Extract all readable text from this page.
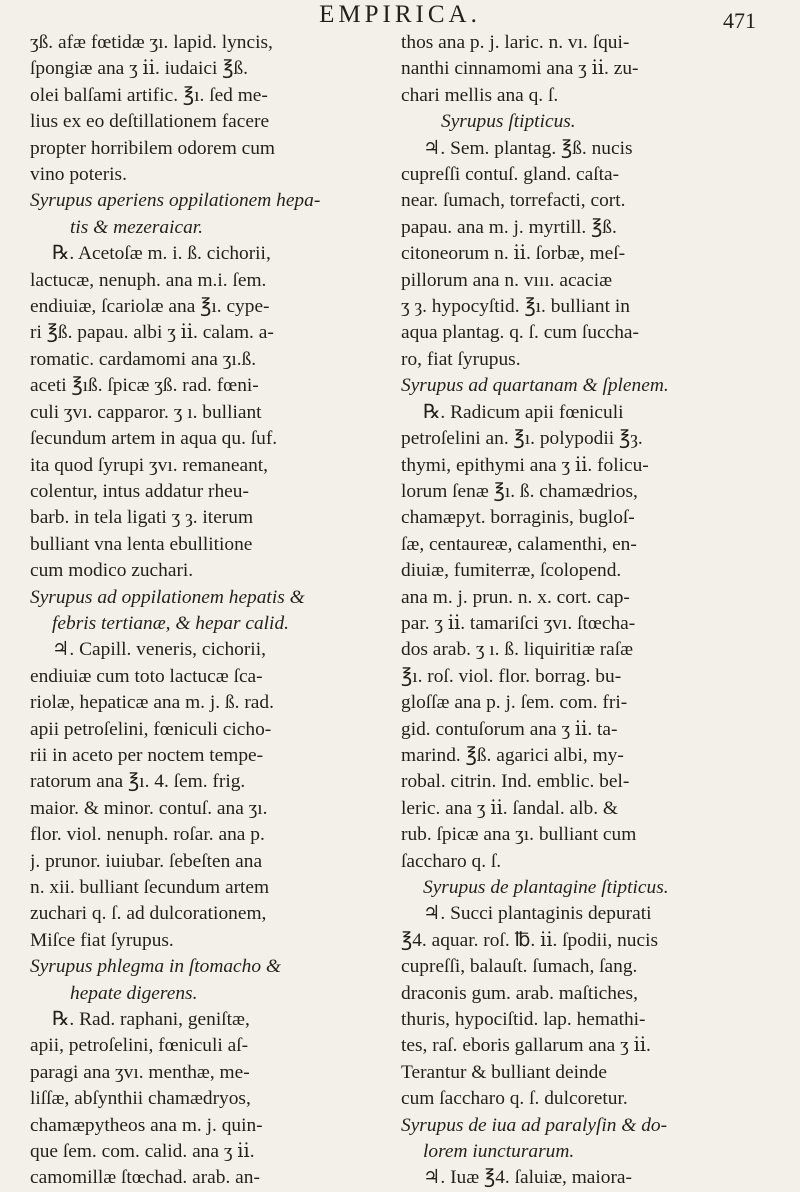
EMPIRICA.	471

ʒß. afæ fœtidæ ʒı. lapid. lyncis,

ſpongiæ ana ʒ ⅱ. iudaici ℥ß.

olei balſami artific. ℥ı. ſed me-

lius ex eo deſtillationem facere

propter horribilem odorem cum

vino poteris.

Syrupus aperiens oppilationem hepa-

tis & mezeraicar.

℞. Acetoſæ m. i. ß. cichorii,

lactucæ, nenuph. ana m.i. ſem.

endiuiæ, ſcariolæ ana ℥ı. cype-

ri ℥ß. papau. albi ʒ ⅱ. calam. a-

romatic. cardamomi ana ʒı.ß.

aceti ℥ıß. ſpicæ ʒß. rad. fœni-

culi ʒvı. capparor. ʒ ı. bulliant

ſecundum artem in aqua qu. ſuf.

ita quod ſyrupi ʒvı. remaneant,

colentur, intus addatur rheu-

barb. in tela ligati ʒ ȝ. iterum

bulliant vna lenta ebullitione

cum modico zuchari.

Syrupus ad oppilationem hepatis &

febris tertianæ, & hepar calid.

♃. Capill. veneris, cichorii,

endiuiæ cum toto lactucæ ſca-

riolæ, hepaticæ ana m. j. ß. rad.

apii petroſelini, fœniculi cicho-

rii in aceto per noctem tempe-

ratorum ana ℥ı. 4. ſem. frig.

maior. & minor. contuſ. ana ʒı.

flor. viol. nenuph. roſar. ana p.

j. prunor. iuiubar. ſebeſten ana

n. xii. bulliant ſecundum artem

zuchari q. ſ. ad dulcorationem,

Miſce fiat ſyrupus.

Syrupus phlegma in ſtomacho &

hepate digerens.

℞. Rad. raphani, geniſtæ,

apii, petroſelini, fœniculi aſ-

paragi ana ʒvı. menthæ, me-

liſſæ, abſynthii chamædryos,

chamæpytheos ana m. j. quin-

que ſem. com. calid. ana ʒ ⅱ.

camomillæ ſtœchad. arab. an-

thos ana p. j. laric. n. vı. ſqui-

nanthi cinnamomi ana ʒ ⅱ. zu-

chari mellis ana q. ſ.

Syrupus ſtipticus.

♃. Sem. plantag. ℥ß. nucis

cupreſſi contuſ. gland. caſta-

near. ſumach, torrefacti, cort.

papau. ana m. j. myrtill. ℥ß.

citoneorum n. ⅱ. ſorbæ, meſ-

pillorum ana n. vııı. acaciæ

ʒ ȝ. hypocyſtid. ℥ı. bulliant in

aqua plantag. q. ſ. cum ſuccha-

ro, fiat ſyrupus.

Syrupus ad quartanam & ſplenem.

℞. Radicum apii fœniculi

petroſelini an. ℥ı. polypodii ℥ȝ.

thymi, epithymi ana ʒ ⅱ. folicu-

lorum ſenæ ℥ı. ß. chamædrios,

chamæpyt. borraginis, bugloſ-

ſæ, centaureæ, calamenthi, en-

diuiæ, fumiterræ, ſcolopend.

ana m. j. prun. n. x. cort. cap-

par. ʒ ⅱ. tamariſci ʒvı. ſtœcha-

dos arab. ʒ ı. ß. liquiritiæ raſæ

℥ı. roſ. viol. flor. borrag. bu-

gloſſæ ana p. j. ſem. com. fri-

gid. contuſorum ana ʒ ⅱ. ta-

marind. ℥ß. agarici albi, my-

robal. citrin. Ind. emblic. bel-

leric. ana ʒ ⅱ. ſandal. alb. &

rub. ſpicæ ana ʒı. bulliant cum

ſaccharo q. ſ.

Syrupus de plantagine ſtipticus.

♃. Succi plantaginis depurati

℥4. aquar. roſ. ℔. ⅱ. ſpodii, nucis

cupreſſi, balauſt. ſumach, ſang.

draconis gum. arab. maſtiches,

thuris, hypociſtid. lap. hemathi-

tes, raſ. eboris gallarum ana ʒ ⅱ.

Terantur & bulliant deinde

cum ſaccharo q. ſ. dulcoretur.

Syrupus de iua ad paralyſin & do-

lorem iuncturarum.

♃. Iuæ ℥4. ſaluiæ, maiora-
